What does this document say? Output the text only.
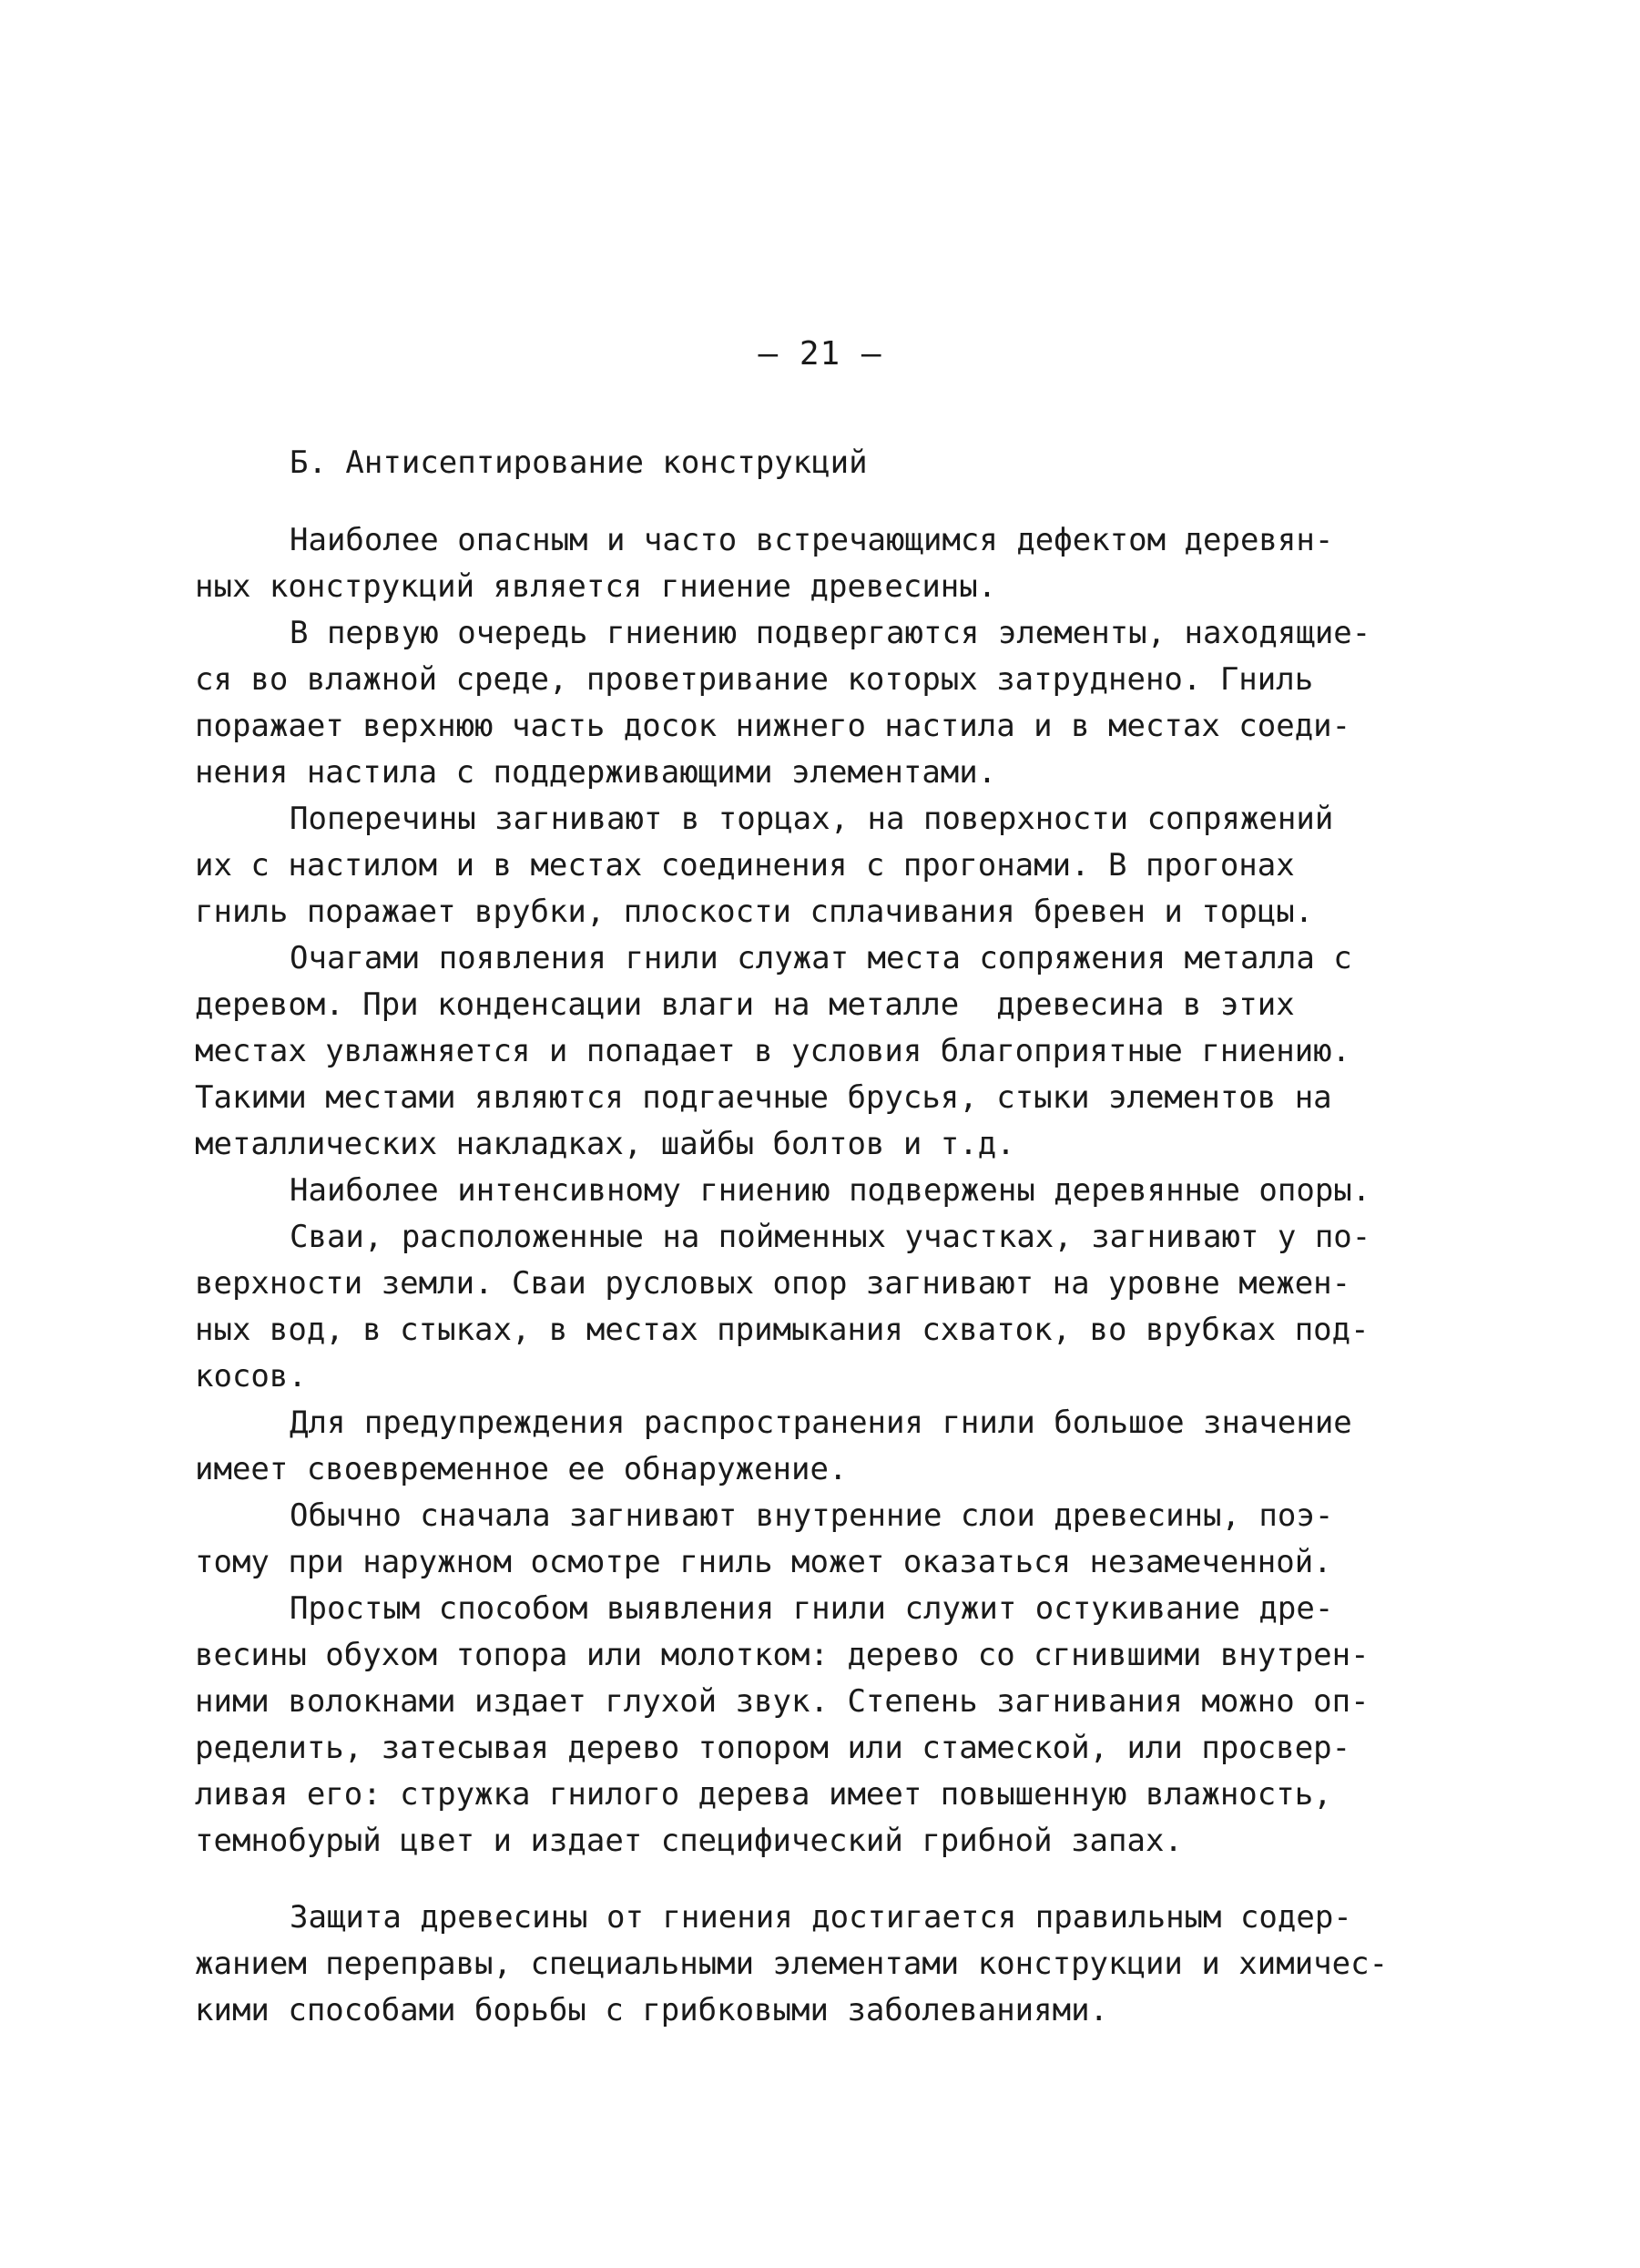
— 21 —
Б. Антисептирование конструкций
Наиболее опасным и часто встречающимся дефектом деревян-
ных конструкций является гниение древесины.
В первую очередь гниению подвергаются элементы, находящие-
ся во влажной среде, проветривание которых затруднено. Гниль
поражает верхнюю часть досок нижнего настила и в местах соеди-
нения настила с поддерживающими элементами.
Поперечины загнивают в торцах, на поверхности сопряжений
их с настилом и в местах соединения с прогонами. В прогонах
гниль поражает врубки, плоскости сплачивания бревен и торцы.
Очагами появления гнили служат места сопряжения металла с
деревом. При конденсации влаги на металле  древесина в этих
местах увлажняется и попадает в условия благоприятные гниению.
Такими местами являются подгаечные брусья, стыки элементов на
металлических накладках, шайбы болтов и т.д.
Наиболее интенсивному гниению подвержены деревянные опоры.
Сваи, расположенные на пойменных участках, загнивают у по-
верхности земли. Сваи русловых опор загнивают на уровне межен-
ных вод, в стыках, в местах примыкания схваток, во врубках под-
косов.
Для предупреждения распространения гнили большое значение
имеет своевременное ее обнаружение.
Обычно сначала загнивают внутренние слои древесины, поэ-
тому при наружном осмотре гниль может оказаться незамеченной.
Простым способом выявления гнили служит остукивание дре-
весины обухом топора или молотком: дерево со сгнившими внутрен-
ними волокнами издает глухой звук. Степень загнивания можно оп-
ределить, затесывая дерево топором или стамеской, или просвер-
ливая его: стружка гнилого дерева имеет повышенную влажность,
темнобурый цвет и издает специфический грибной запах.
Защита древесины от гниения достигается правильным содер-
жанием переправы, специальными элементами конструкции и химичес-
кими способами борьбы с грибковыми заболеваниями.
